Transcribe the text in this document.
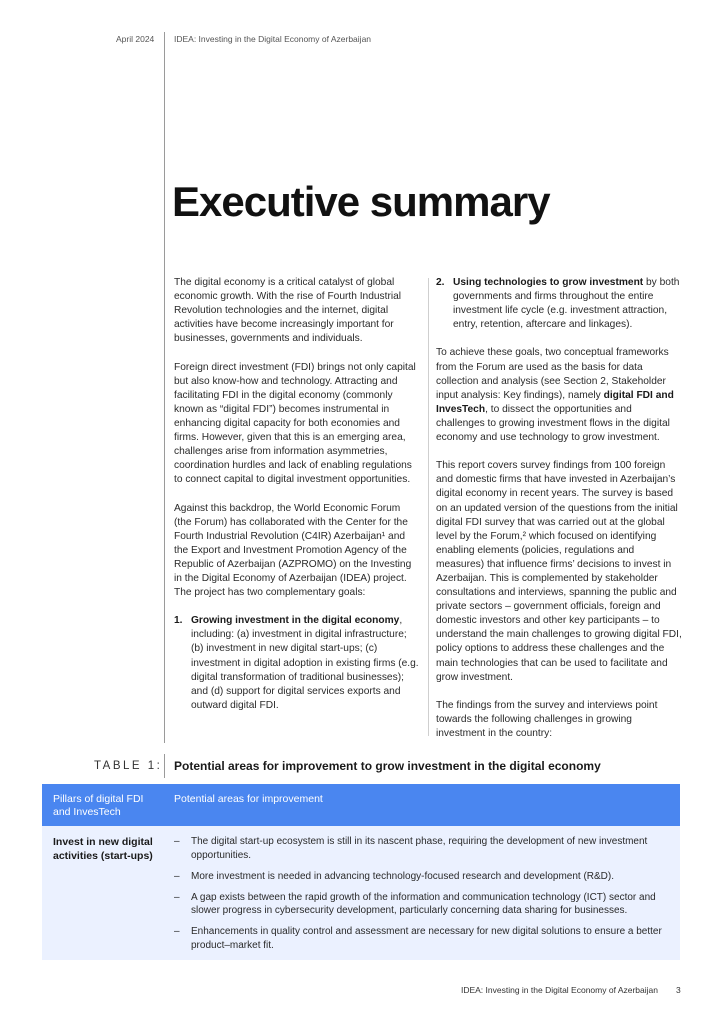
April 2024 IDEA: Investing in the Digital Economy of Azerbaijan
Executive summary

The digital economy is a critical catalyst of global economic growth. With the rise of Fourth Industrial Revolution technologies and the internet, digital activities have become increasingly important for businesses, governments and individuals.

Foreign direct investment (FDI) brings not only capital but also know-how and technology. Attracting and facilitating FDI in the digital economy (commonly known as “digital FDI”) becomes instrumental in enhancing digital capacity for both economies and firms. However, given that this is an emerging area, challenges arise from information asymmetries, coordination hurdles and lack of enabling regulations to connect capital to digital investment opportunities.

Against this backdrop, the World Economic Forum (the Forum) has collaborated with the Center for the Fourth Industrial Revolution (C4IR) Azerbaijan¹ and the Export and Investment Promotion Agency of the Republic of Azerbaijan (AZPROMO) on the Investing in the Digital Economy of Azerbaijan (IDEA) project. The project has two complementary goals:

1. Growing investment in the digital economy, including: (a) investment in digital infrastructure; (b) investment in new digital start-ups; (c) investment in digital adoption in existing firms (e.g. digital transformation of traditional businesses); and (d) support for digital services exports and outward digital FDI.
2. Using technologies to grow investment by both governments and firms throughout the entire investment life cycle (e.g. investment attraction, entry, retention, aftercare and linkages).

To achieve these goals, two conceptual frameworks from the Forum are used as the basis for data collection and analysis (see Section 2, Stakeholder input analysis: Key findings), namely digital FDI and InvesTech, to dissect the opportunities and challenges to growing investment flows in the digital economy and use technology to grow investment.

This report covers survey findings from 100 foreign and domestic firms that have invested in Azerbaijan’s digital economy in recent years. The survey is based on an updated version of the questions from the initial digital FDI survey that was carried out at the global level by the Forum,² which focused on identifying enabling elements (policies, regulations and measures) that influence firms’ decisions to invest in Azerbaijan. This is complemented by stakeholder consultations and interviews, spanning the public and private sectors – government officials, foreign and domestic investors and other key participants – to understand the main challenges to growing digital FDI, policy options to address these challenges and the main technologies that can be used to facilitate and grow investment.

The findings from the survey and interviews point towards the following challenges in growing investment in the country:

TABLE 1: Potential areas for improvement to grow investment in the digital economy
Pillars of digital FDI and InvesTech
Potential areas for improvement
Invest in new digital activities (start-ups)
– The digital start-up ecosystem is still in its nascent phase, requiring the development of new investment opportunities.
– More investment is needed in advancing technology-focused research and development (R&D).
– A gap exists between the rapid growth of the information and communication technology (ICT) sector and slower progress in cybersecurity development, particularly concerning data sharing for businesses.
– Enhancements in quality control and assessment are necessary for new digital solutions to ensure a better product–market fit.
IDEA: Investing in the Digital Economy of Azerbaijan 3
